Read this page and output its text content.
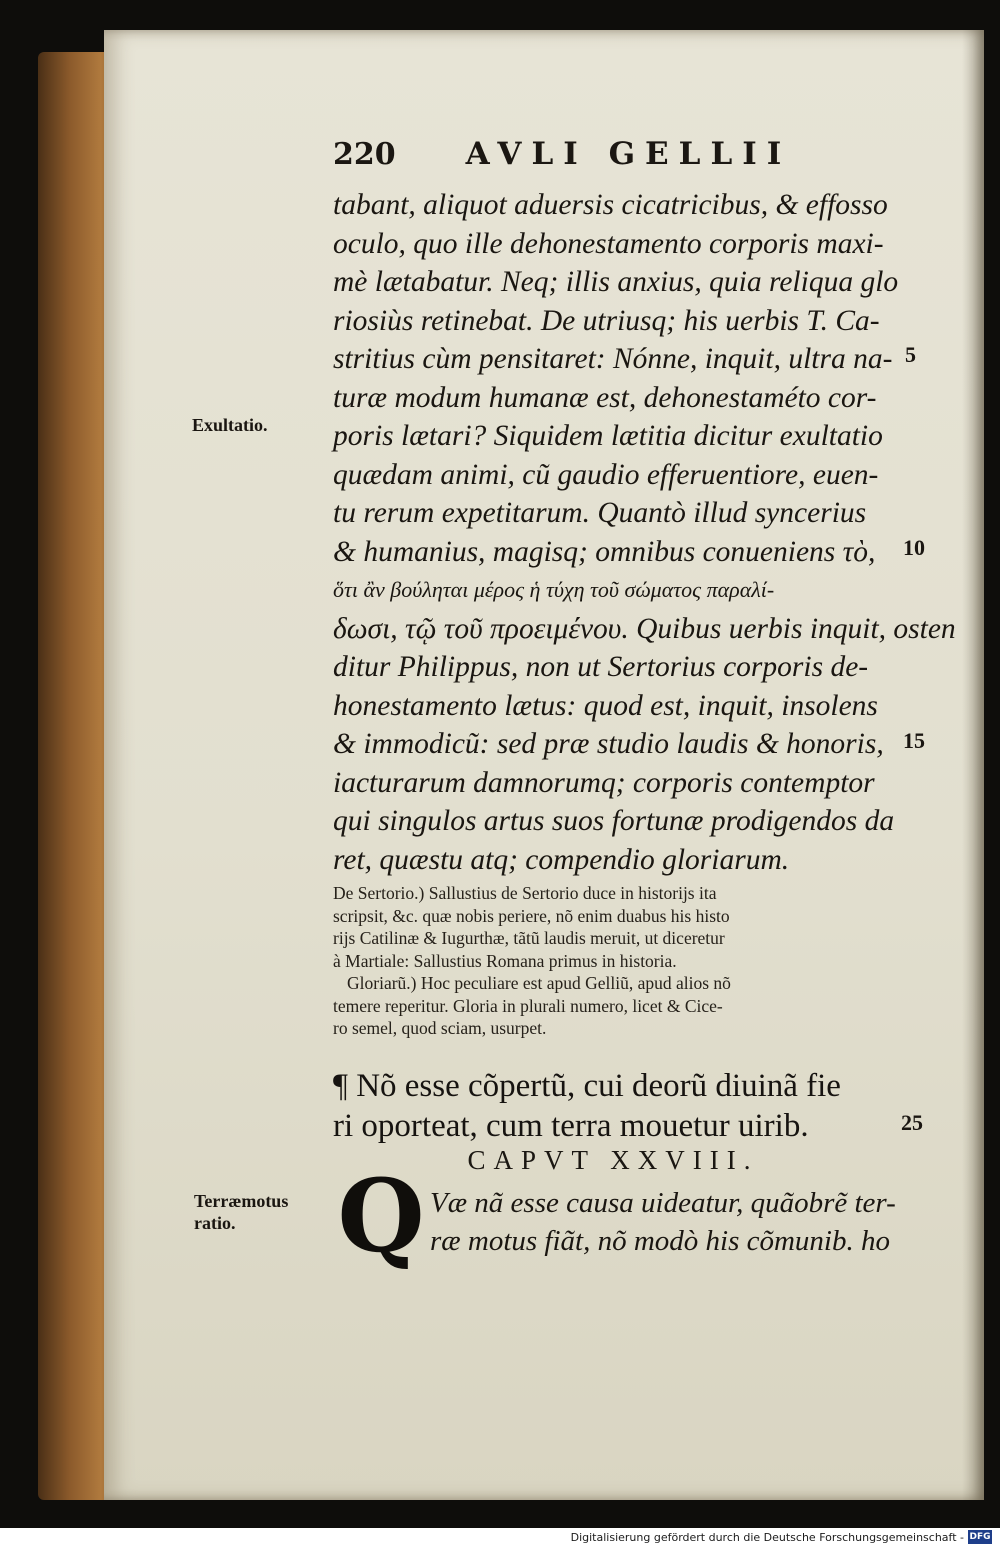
220 AVLI GELLII
tabant, aliquot aduersis cicatricibus, & effosso
oculo, quo ille dehonestamento corporis maxi-
mè lætabatur. Neq; illis anxius, quia reliqua glo
riosiùs retinebat. De utriusq; his uerbis T. Ca-
stritius cùm pensitaret: Nónne, inquit, ultra na-
turæ modum humanæ est, dehonestaméto cor-
poris lætari? Siquidem lætitia dicitur exultatio
quædam animi, cũ gaudio efferuentiore, euen-
tu rerum expetitarum. Quantò illud syncerius
& humanius, magisq; omnibus conueniens τὸ,
ὅτι ἂν βούληται μέρος ἡ τύχη τοῦ σώματος παραλί-
δωσι, τῷ τοῦ προειμένου. Quibus uerbis inquit, osten
ditur Philippus, non ut Sertorius corporis de-
honestamento lætus: quod est, inquit, insolens
& immodicũ: sed præ studio laudis & honoris,
iacturarum damnorumq; corporis contemptor
qui singulos artus suos fortunæ prodigendos da
ret, quæstu atq; compendio gloriarum.
De Sertorio.) Sallustius de Sertorio duce in historijs ita
scripsit, &c. quæ nobis periere, nõ enim duabus his histo
rijs Catilinæ & Iugurthæ, tãtũ laudis meruit, ut diceretur
à Martiale: Sallustius Romana primus in historia.
Gloriarũ.) Hoc peculiare est apud Gelliũ, apud alios nõ
temere reperitur. Gloria in plurali numero, licet & Cice-
ro semel, quod sciam, usurpet.
¶ Nõ esse cõpertũ, cui deorũ diuinã fie
ri oporteat, cum terra mouetur uirib.
CAPVT XXVIII.
Q Væ nã esse causa uideatur, quãobrẽ ter-
ræ motus fiãt, nõ modò his cõmunib. ho
Exultatio.
Terræmotus
ratio.
5
10
15
25
Digitalisierung gefördert durch die Deutsche Forschungsgemeinschaft - DFG
